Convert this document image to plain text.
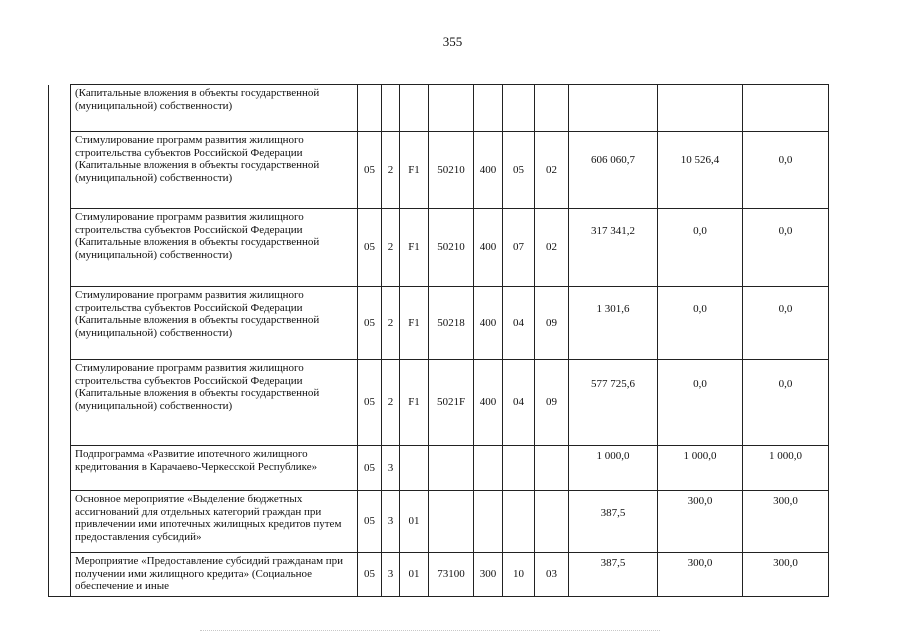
355
	(Капитальные вложения в объекты государственной (муниципальной) собственности)										
	Стимулирование программ развития жилищного строительства субъектов Российской Федерации (Капитальные вложения в объекты государственной (муниципальной) собственности)	05	2	F1	50210	400	05	02	606 060,7	10 526,4	0,0
	Стимулирование программ развития жилищного строительства субъектов Российской Федерации (Капитальные вложения в объекты государственной (муниципальной) собственности)	05	2	F1	50210	400	07	02	317 341,2	0,0	0,0
	Стимулирование программ развития жилищного строительства субъектов Российской Федерации (Капитальные вложения в объекты государственной (муниципальной) собственности)	05	2	F1	50218	400	04	09	1 301,6	0,0	0,0
	Стимулирование программ развития жилищного строительства субъектов Российской Федерации (Капитальные вложения в объекты государственной (муниципальной) собственности)	05	2	F1	5021F	400	04	09	577 725,6	0,0	0,0
	Подпрограмма «Развитие ипотечного жилищного кредитования в Карачаево-Черкесской Республике»	05	3						1 000,0	1 000,0	1 000,0
	Основное мероприятие «Выделение бюджетных ассигнований для отдельных категорий граждан при привлечении ими ипотечных жилищных кредитов путем предоставления субсидий»	05	3	01					387,5	300,0	300,0
	Мероприятие «Предоставление субсидий гражданам при получении ими жилищного кредита» (Социальное обеспечение и иные	05	3	01	73100	300	10	03	387,5	300,0	300,0
